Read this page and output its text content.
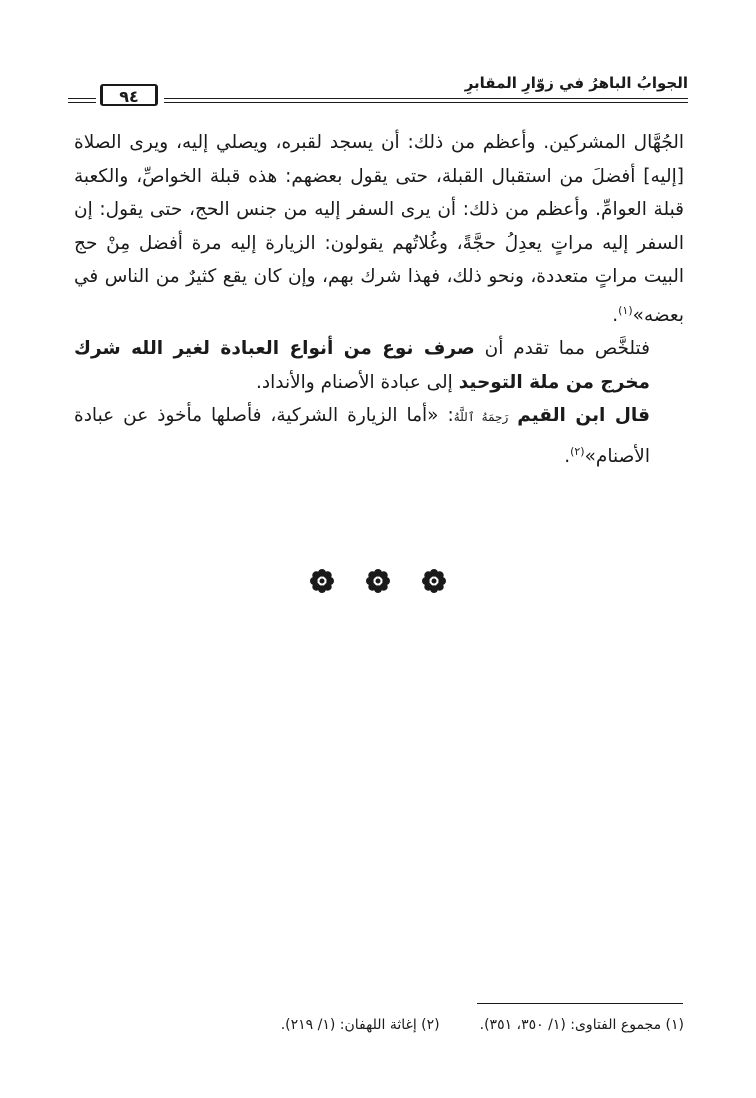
الجوابُ الباهرُ في زوّارِ المقابرِ
٩٤

الجُهَّال المشركين. وأعظم من ذلك: أن يسجد لقبره، ويصلي إليه، ويرى الصلاة [إليه] أفضلَ من استقبال القبلة، حتى يقول بعضهم: هذه قبلة الخواصِّ، والكعبة قبلة العوامِّ. وأعظم من ذلك: أن يرى السفر إليه من جنس الحج، حتى يقول: إن السفر إليه مراتٍ يعدِلُ حجَّةً، وغُلاتُهم يقولون: الزيارة إليه مرة أفضل مِنْ حج البيت مراتٍ متعددة، ونحو ذلك، فهذا شرك بهم، وإن كان يقع كثيرٌ من الناس في بعضه»$^{(١)}$.

فتلخَّص مما تقدم أن صرف نوع من أنواع العبادة لغير الله شرك مخرج من ملة التوحيد إلى عبادة الأصنام والأنداد.

قال ابن القيم رَحِمَهُ ٱللَّهُ: «أما الزيارة الشركية، فأصلها مأخوذ عن عبادة الأصنام»$^{(٢)}$.

(١) مجموع الفتاوى: (١/ ٣٥٠، ٣٥١).(٢) إغاثة اللهفان: (١/ ٢١٩).
